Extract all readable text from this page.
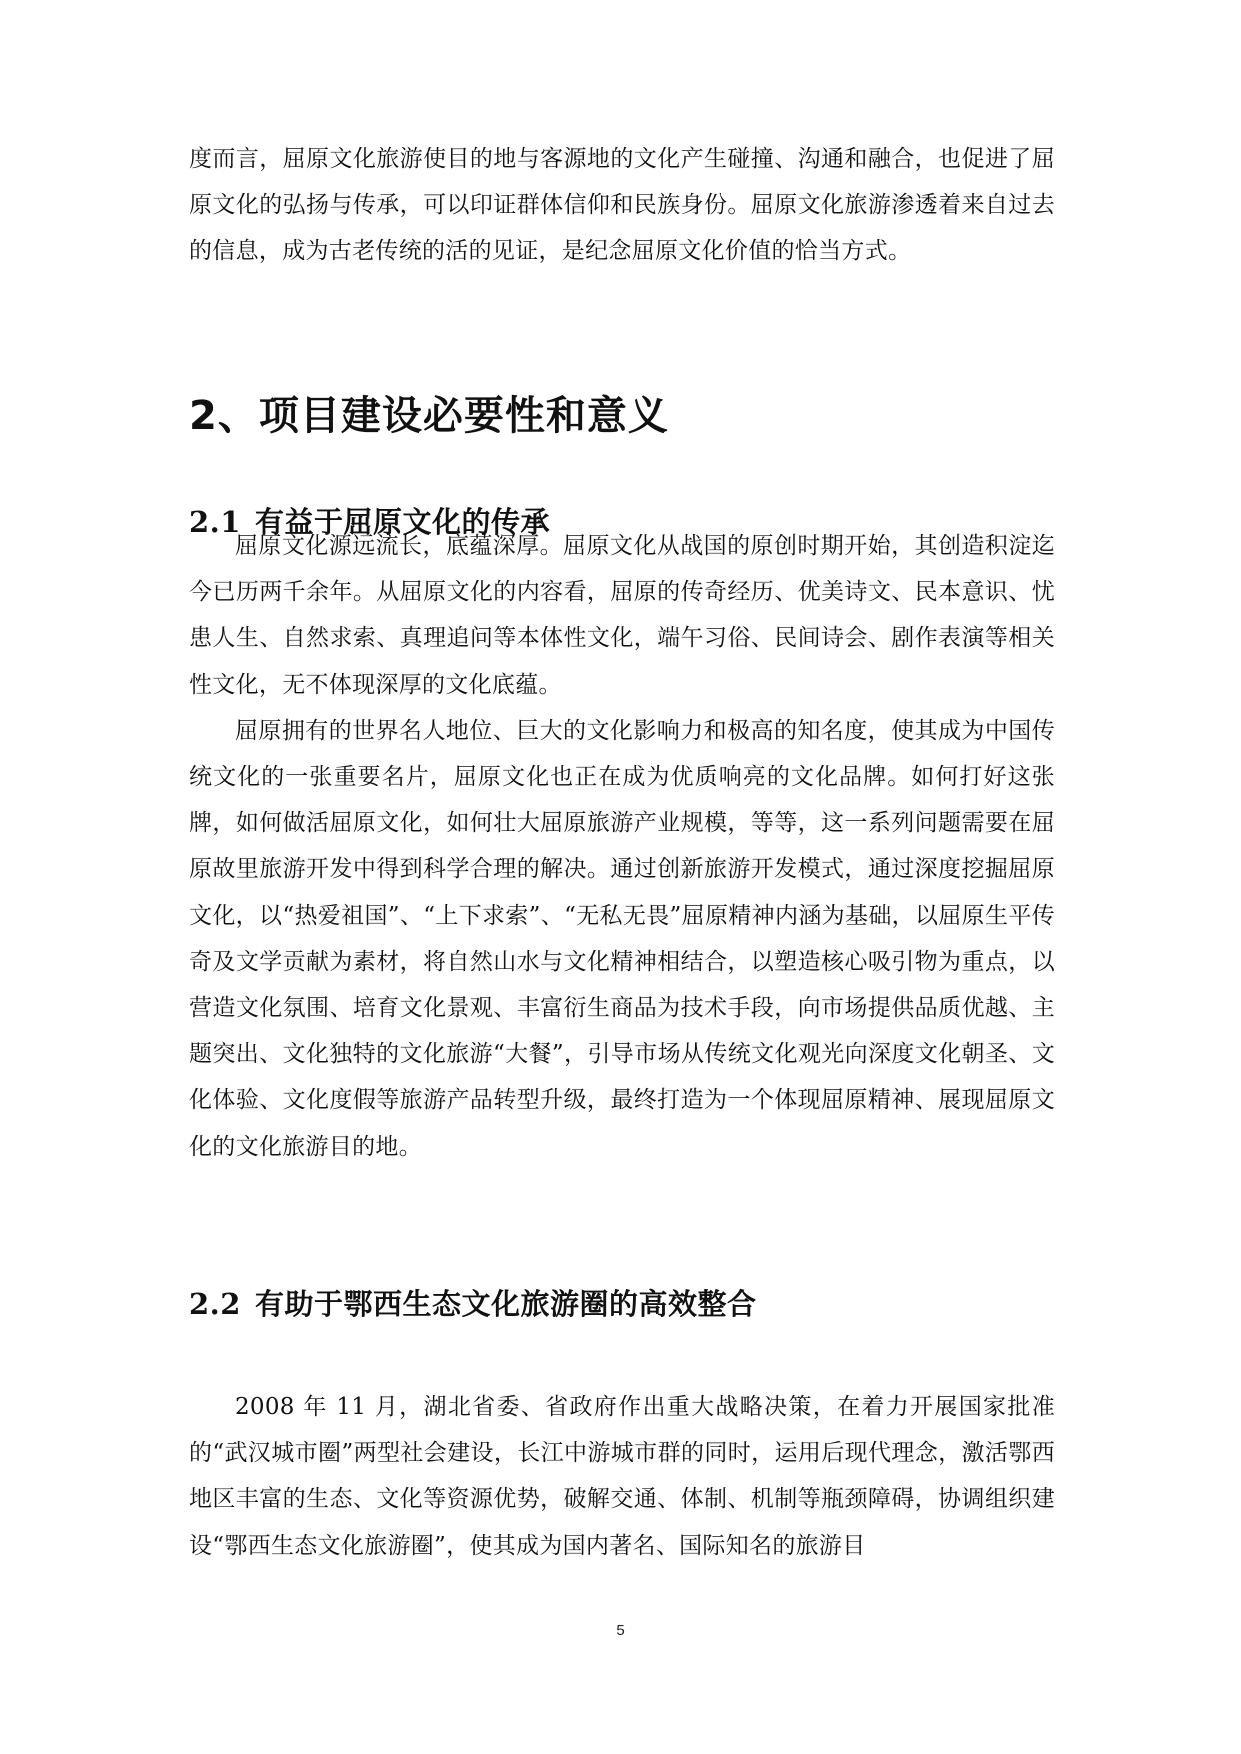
度而言，屈原文化旅游使目的地与客源地的文化产生碰撞、沟通和融合，也促进了屈原文化的弘扬与传承，可以印证群体信仰和民族身份。屈原文化旅游渗透着来自过去的信息，成为古老传统的活的见证，是纪念屈原文化价值的恰当方式。

2、项目建设必要性和意义
2.1 有益于屈原文化的传承

屈原文化源远流长，底蕴深厚。屈原文化从战国的原创时期开始，其创造积淀迄今已历两千余年。从屈原文化的内容看，屈原的传奇经历、优美诗文、民本意识、忧患人生、自然求索、真理追问等本体性文化，端午习俗、民间诗会、剧作表演等相关性文化，无不体现深厚的文化底蕴。

屈原拥有的世界名人地位、巨大的文化影响力和极高的知名度，使其成为中国传统文化的一张重要名片，屈原文化也正在成为优质响亮的文化品牌。如何打好这张牌，如何做活屈原文化，如何壮大屈原旅游产业规模，等等，这一系列问题需要在屈原故里旅游开发中得到科学合理的解决。通过创新旅游开发模式，通过深度挖掘屈原文化，以“热爱祖国”、“上下求索”、“无私无畏”屈原精神内涵为基础，以屈原生平传奇及文学贡献为素材，将自然山水与文化精神相结合，以塑造核心吸引物为重点，以营造文化氛围、培育文化景观、丰富衍生商品为技术手段，向市场提供品质优越、主题突出、文化独特的文化旅游“大餐”，引导市场从传统文化观光向深度文化朝圣、文化体验、文化度假等旅游产品转型升级，最终打造为一个体现屈原精神、展现屈原文化的文化旅游目的地。

2.2 有助于鄂西生态文化旅游圈的高效整合

2008 年 11 月，湖北省委、省政府作出重大战略决策，在着力开展国家批准的“武汉城市圈”两型社会建设，长江中游城市群的同时，运用后现代理念，激活鄂西地区丰富的生态、文化等资源优势，破解交通、体制、机制等瓶颈障碍，协调组织建设“鄂西生态文化旅游圈”，使其成为国内著名、国际知名的旅游目

5
